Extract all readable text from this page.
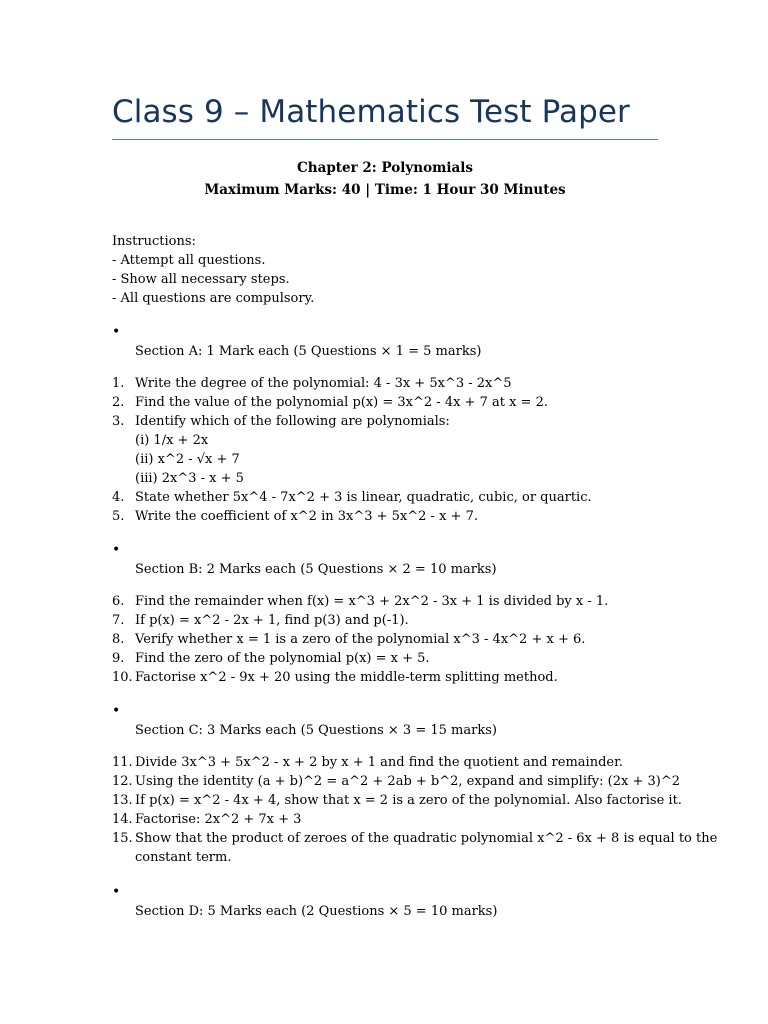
Class 9 – Mathematics Test Paper
Chapter 2: Polynomials
Maximum Marks: 40 | Time: 1 Hour 30 Minutes
Instructions:
- Attempt all questions.
- Show all necessary steps.
- All questions are compulsory.
•
Section A: 1 Mark each (5 Questions × 1 = 5 marks)
1. Write the degree of the polynomial: 4 - 3x + 5x^3 - 2x^5
2. Find the value of the polynomial p(x) = 3x^2 - 4x + 7 at x = 2.
3. Identify which of the following are polynomials:
(i) 1/x + 2x
(ii) x^2 - √x + 7
(iii) 2x^3 - x + 5
4. State whether 5x^4 - 7x^2 + 3 is linear, quadratic, cubic, or quartic.
5. Write the coefficient of x^2 in 3x^3 + 5x^2 - x + 7.
•
Section B: 2 Marks each (5 Questions × 2 = 10 marks)
6. Find the remainder when f(x) = x^3 + 2x^2 - 3x + 1 is divided by x - 1.
7. If p(x) = x^2 - 2x + 1, find p(3) and p(-1).
8. Verify whether x = 1 is a zero of the polynomial x^3 - 4x^2 + x + 6.
9. Find the zero of the polynomial p(x) = x + 5.
10. Factorise x^2 - 9x + 20 using the middle-term splitting method.
•
Section C: 3 Marks each (5 Questions × 3 = 15 marks)
11. Divide 3x^3 + 5x^2 - x + 2 by x + 1 and find the quotient and remainder.
12. Using the identity (a + b)^2 = a^2 + 2ab + b^2, expand and simplify: (2x + 3)^2
13. If p(x) = x^2 - 4x + 4, show that x = 2 is a zero of the polynomial. Also factorise it.
14. Factorise: 2x^2 + 7x + 3
15. Show that the product of zeroes of the quadratic polynomial x^2 - 6x + 8 is equal to the
constant term.
•
Section D: 5 Marks each (2 Questions × 5 = 10 marks)
